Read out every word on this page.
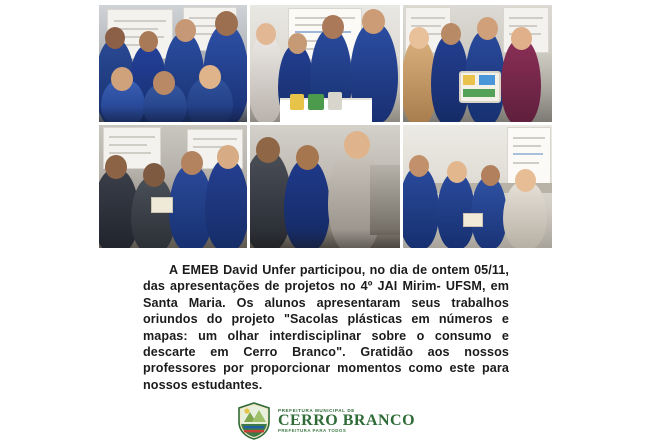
A EMEB David Unfer participou, no dia de ontem 05/11, das apresentações de projetos no 4º JAI Mirim- UFSM, em Santa Maria. Os alunos apresentaram seus trabalhos oriundos do projeto "Sacolas plásticas em números e mapas: um olhar interdisciplinar sobre o consumo e descarte em Cerro Branco". Gratidão aos nossos professores por proporcionar momentos como este para nossos estudantes.

PREFEITURA MUNICIPAL DE
CERRO BRANCO
PREFEITURA PARA TODOS
